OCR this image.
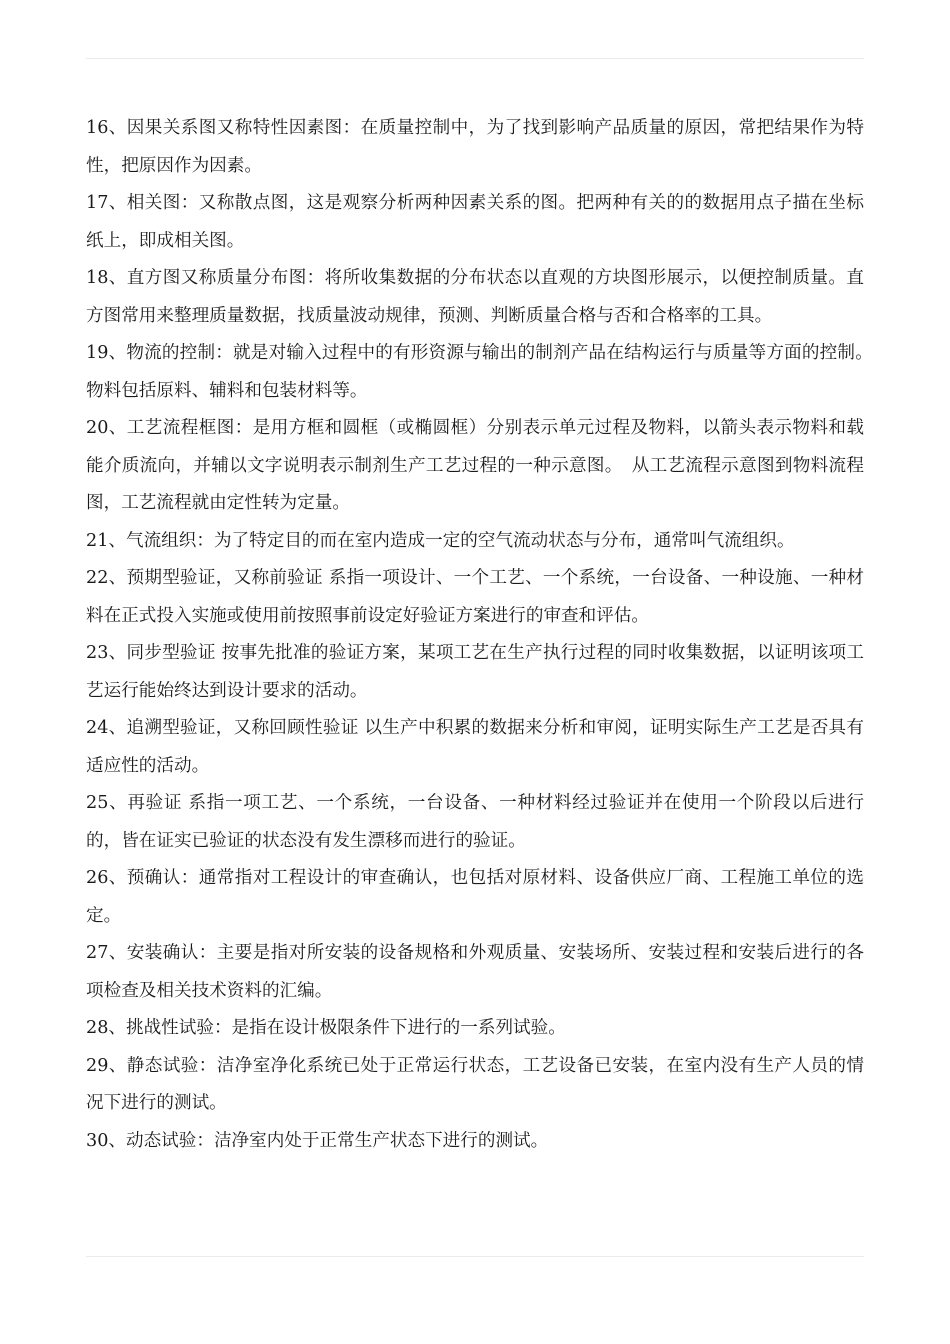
16、因果关系图又称特性因素图：在质量控制中，为了找到影响产品质量的原因，常把结果作为特性，把原因作为因素。

17、相关图：又称散点图，这是观察分析两种因素关系的图。把两种有关的的数据用点子描在坐标纸上，即成相关图。

18、直方图又称质量分布图：将所收集数据的分布状态以直观的方块图形展示，以便控制质量。直方图常用来整理质量数据，找质量波动规律，预测、判断质量合格与否和合格率的工具。

19、物流的控制：就是对输入过程中的有形资源与输出的制剂产品在结构运行与质量等方面的控制。　物料包括原料、辅料和包装材料等。

20、工艺流程框图：是用方框和圆框（或椭圆框）分别表示单元过程及物料，以箭头表示物料和载能介质流向，并辅以文字说明表示制剂生产工艺过程的一种示意图。　从工艺流程示意图到物料流程图，工艺流程就由定性转为定量。

21、气流组织：为了特定目的而在室内造成一定的空气流动状态与分布，通常叫气流组织。

22、预期型验证，又称前验证 系指一项设计、一个工艺、一个系统，一台设备、一种设施、一种材料在正式投入实施或使用前按照事前设定好验证方案进行的审查和评估。

23、同步型验证 按事先批准的验证方案，某项工艺在生产执行过程的同时收集数据，以证明该项工艺运行能始终达到设计要求的活动。

24、追溯型验证，又称回顾性验证 以生产中积累的数据来分析和审阅，证明实际生产工艺是否具有适应性的活动。

25、再验证 系指一项工艺、一个系统，一台设备、一种材料经过验证并在使用一个阶段以后进行的，皆在证实已验证的状态没有发生漂移而进行的验证。

26、预确认：通常指对工程设计的审查确认，也包括对原材料、设备供应厂商、工程施工单位的选定。

27、安装确认：主要是指对所安装的设备规格和外观质量、安装场所、安装过程和安装后进行的各项检查及相关技术资料的汇编。

28、挑战性试验：是指在设计极限条件下进行的一系列试验。

29、静态试验：洁净室净化系统已处于正常运行状态，工艺设备已安装，在室内没有生产人员的情况下进行的测试。

30、动态试验：洁净室内处于正常生产状态下进行的测试。
